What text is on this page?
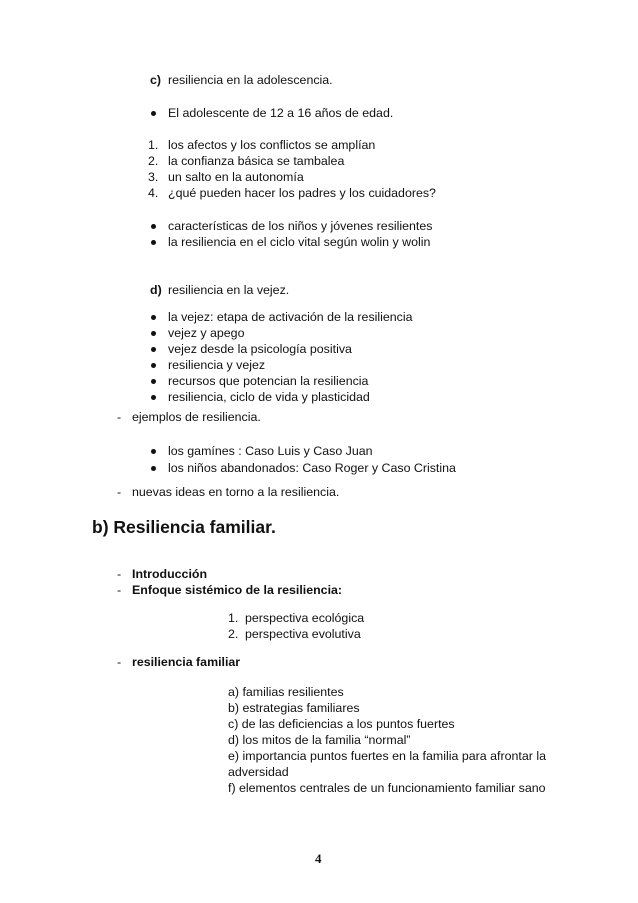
c) resiliencia en la adolescencia.
El adolescente de 12 a 16 años de edad.
1. los afectos y los conflictos se amplían
2. la confianza básica se tambalea
3. un salto en la autonomía
4. ¿qué pueden hacer los padres y los cuidadores?
características de los niños y jóvenes resilientes
la resiliencia en el ciclo vital según wolin y wolin
d) resiliencia en la vejez.
la vejez: etapa de activación de la resiliencia
vejez y apego
vejez desde la psicología positiva
resiliencia y vejez
recursos que potencian la resiliencia
resiliencia, ciclo de vida y plasticidad
- ejemplos de resiliencia.
los gamínes : Caso Luis y Caso Juan
los niños abandonados: Caso Roger y Caso Cristina
- nuevas ideas en torno a la resiliencia.
b) Resiliencia familiar.
- Introducción
- Enfoque sistémico de la resiliencia:
1. perspectiva ecológica
2. perspectiva evolutiva
- resiliencia familiar
a) familias resilientes
b) estrategias familiares
c) de las deficiencias a los puntos fuertes
d) los mitos de la familia “normal”
e) importancia puntos fuertes en la familia para afrontar la adversidad
f) elementos centrales de un funcionamiento familiar sano
4
